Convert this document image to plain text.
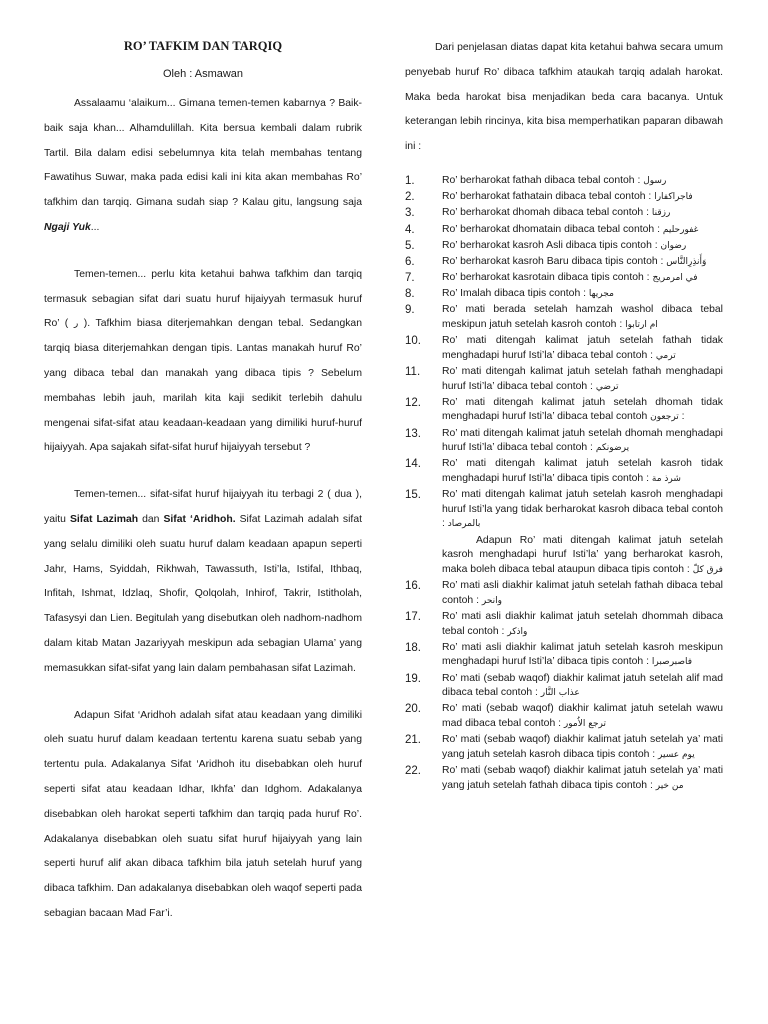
RO’ TAFKIM DAN TARQIQ
Oleh : Asmawan

Assalaamu ‘alaikum... Gimana temen-temen kabarnya ? Baik-baik saja khan... Alhamdulillah. Kita bersua kembali dalam rubrik Tartil. Bila dalam edisi sebelumnya kita telah membahas tentang Fawatihus Suwar, maka pada edisi kali ini kita akan membahas Ro’ tafkhim dan tarqiq. Gimana sudah siap ? Kalau gitu, langsung saja Ngaji Yuk...

Temen-temen... perlu kita ketahui bahwa tafkhim dan tarqiq termasuk sebagian sifat dari suatu huruf hijaiyyah termasuk huruf Ro’ ( ر ). Tafkhim biasa diterjemahkan dengan tebal. Sedangkan tarqiq biasa diterjemahkan dengan tipis. Lantas manakah huruf Ro’ yang dibaca tebal dan manakah yang dibaca tipis ? Sebelum membahas lebih jauh, marilah kita kaji sedikit terlebih dahulu mengenai sifat-sifat atau keadaan-keadaan yang dimiliki huruf-huruf hijaiyyah. Apa sajakah sifat-sifat huruf hijaiyyah tersebut ?

Temen-temen... sifat-sifat huruf hijaiyyah itu terbagi 2 ( dua ), yaitu Sifat Lazimah dan Sifat ‘Aridhoh. Sifat Lazimah adalah sifat yang selalu dimiliki oleh suatu huruf dalam keadaan apapun seperti Jahr, Hams, Syiddah, Rikhwah, Tawassuth, Isti’la, Istifal, Ithbaq, Infitah, Ishmat, Idzlaq, Shofir, Qolqolah, Inhirof, Takrir, Istitholah, Tafasysyi dan Lien. Begitulah yang disebutkan oleh nadhom-nadhom dalam kitab Matan Jazariyyah meskipun ada sebagian Ulama’ yang memasukkan sifat-sifat yang lain dalam pembahasan sifat Lazimah.

Adapun Sifat ‘Aridhoh adalah sifat atau keadaan yang dimiliki oleh suatu huruf dalam keadaan tertentu karena suatu sebab yang tertentu pula. Adakalanya Sifat ‘Aridhoh itu disebabkan oleh huruf seperti sifat atau keadaan Idhar, Ikhfa’ dan Idghom. Adakalanya disebabkan oleh harokat seperti tafkhim dan tarqiq pada huruf Ro’. Adakalanya disebabkan oleh suatu sifat huruf hijaiyyah yang lain seperti huruf alif akan dibaca tafkhim bila jatuh setelah huruf yang dibaca tafkhim. Dan adakalanya disebabkan oleh waqof seperti pada sebagian bacaan Mad Far’i.

Dari penjelasan diatas dapat kita ketahui bahwa secara umum penyebab huruf Ro’ dibaca tafkhim ataukah tarqiq adalah harokat. Maka beda harokat bisa menjadikan beda cara bacanya. Untuk keterangan lebih rincinya, kita bisa memperhatikan paparan dibawah ini :

1.	Ro’ berharokat fathah dibaca tebal contoh : رسول
2.	Ro’ berharokat fathatain dibaca tebal contoh : فاجراكفارا
3.	Ro’ berharokat dhomah dibaca tebal contoh : رزقنا
4.	Ro’ berharokat dhomatain dibaca tebal contoh : غفورحليم
5.	Ro’ berharokat kasroh Asli dibaca tipis contoh : رضوان
6.	Ro’ berharokat kasroh Baru dibaca tipis contoh : وَأَنذِرِالنَّاس
7.	Ro’ berharokat kasrotain dibaca tipis contoh : في امرمريج
8.	Ro’ Imalah dibaca tipis contoh : مجريها
9.	Ro’ mati berada setelah hamzah washol dibaca tebal meskipun jatuh setelah kasroh contoh : ام ارتابوا
10. Ro’ mati ditengah kalimat jatuh setelah fathah tidak menghadapi huruf Isti’la’ dibaca tebal contoh : ترمي
11. Ro’ mati ditengah kalimat jatuh setelah fathah menghadapi huruf Isti’la’ dibaca tebal contoh : ترضي
12. Ro’ mati ditengah kalimat jatuh setelah dhomah tidak menghadapi huruf Isti’la’ dibaca tebal contoh ترجعون :
13. Ro’ mati ditengah kalimat jatuh setelah dhomah menghadapi huruf Isti’la’ dibaca tebal contoh : يرضونكم
14. Ro’ mati ditengah kalimat jatuh setelah kasroh tidak menghadapi huruf Isti’la’ dibaca tipis contoh : شرذ مة
15. Ro’ mati ditengah kalimat jatuh setelah kasroh menghadapi huruf Isti’la yang tidak berharokat kasroh dibaca tebal contoh : بالمرصاد
Adapun Ro’ mati ditengah kalimat jatuh setelah kasroh menghadapi huruf Isti’la’ yang berharokat kasroh, maka boleh dibaca tebal ataupun dibaca tipis contoh : فرق كلّ
16. Ro’ mati asli diakhir kalimat jatuh setelah fathah dibaca tebal contoh : وانحر
17. Ro’ mati asli diakhir kalimat jatuh setelah dhommah dibaca tebal contoh : واذكر
18. Ro’ mati asli diakhir kalimat jatuh setelah kasroh meskipun menghadapi huruf Isti’la’ dibaca tipis contoh : فاصبرصبرا
19. Ro’ mati (sebab waqof) diakhir kalimat jatuh setelah alif mad dibaca tebal contoh : عذاب النَّار
20. Ro’ mati (sebab waqof) diakhir kalimat jatuh setelah wawu mad dibaca tebal contoh : ترجع الاُمور
21. Ro’ mati (sebab waqof) diakhir kalimat jatuh setelah ya’ mati yang jatuh setelah kasroh dibaca tipis contoh : يوم عسير
22. Ro’ mati (sebab waqof) diakhir kalimat jatuh setelah ya’ mati yang jatuh setelah fathah dibaca tipis contoh : من خير
